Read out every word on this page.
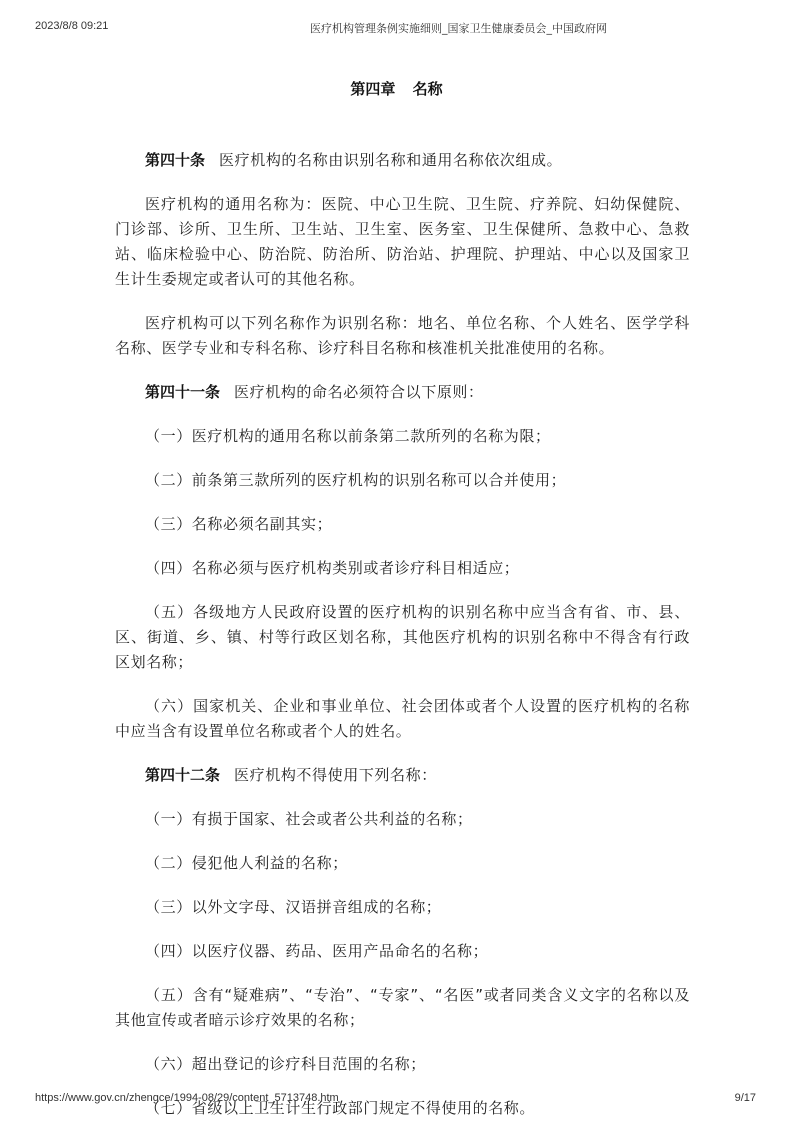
2023/8/8 09:21	医疗机构管理条例实施细则_国家卫生健康委员会_中国政府网
第四章 名称

第四十条 医疗机构的名称由识别名称和通用名称依次组成。

医疗机构的通用名称为：医院、中心卫生院、卫生院、疗养院、妇幼保健院、门诊部、诊所、卫生所、卫生站、卫生室、医务室、卫生保健所、急救中心、急救站、临床检验中心、防治院、防治所、防治站、护理院、护理站、中心以及国家卫生计生委规定或者认可的其他名称。

医疗机构可以下列名称作为识别名称：地名、单位名称、个人姓名、医学学科名称、医学专业和专科名称、诊疗科目名称和核准机关批准使用的名称。

第四十一条 医疗机构的命名必须符合以下原则：

（一）医疗机构的通用名称以前条第二款所列的名称为限；

（二）前条第三款所列的医疗机构的识别名称可以合并使用；

（三）名称必须名副其实；

（四）名称必须与医疗机构类别或者诊疗科目相适应；

（五）各级地方人民政府设置的医疗机构的识别名称中应当含有省、市、县、区、街道、乡、镇、村等行政区划名称，其他医疗机构的识别名称中不得含有行政区划名称；

（六）国家机关、企业和事业单位、社会团体或者个人设置的医疗机构的名称中应当含有设置单位名称或者个人的姓名。

第四十二条 医疗机构不得使用下列名称：

（一）有损于国家、社会或者公共利益的名称；

（二）侵犯他人利益的名称；

（三）以外文字母、汉语拼音组成的名称；

（四）以医疗仪器、药品、医用产品命名的名称；

（五）含有“疑难病”、“专治”、“专家”、“名医”或者同类含义文字的名称以及其他宣传或者暗示诊疗效果的名称；

（六）超出登记的诊疗科目范围的名称；

（七）省级以上卫生计生行政部门规定不得使用的名称。

https://www.gov.cn/zhengce/1994-08/29/content_5713748.htm	9/17
